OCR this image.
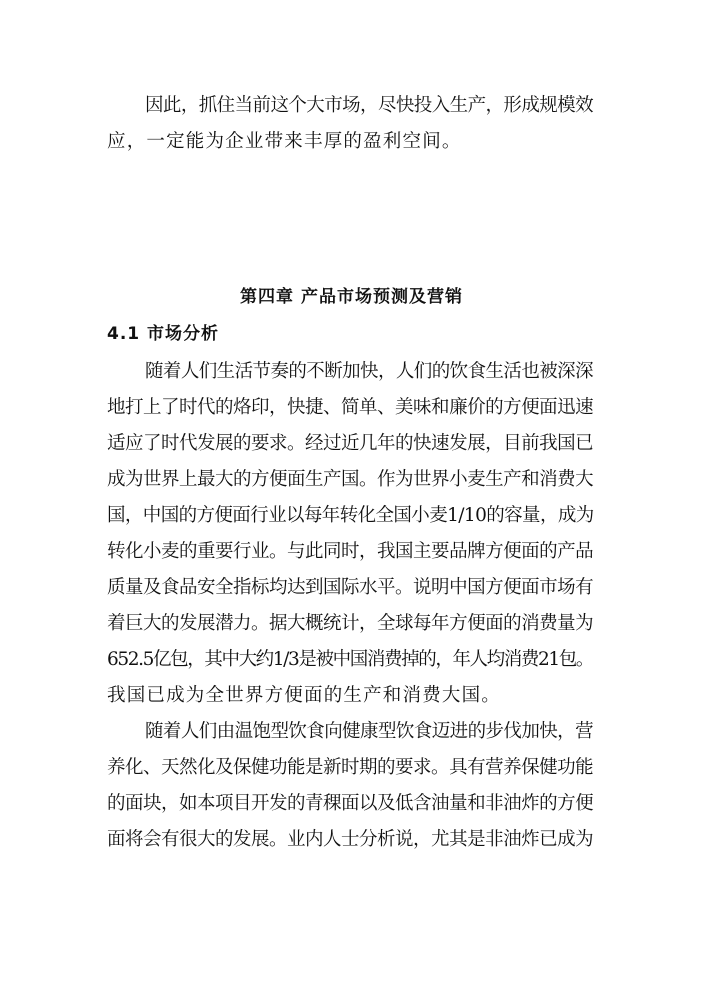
因此，抓住当前这个大市场，尽快投入生产，形成规模效
应，一定能为企业带来丰厚的盈利空间。
第四章 产品市场预测及营销
4.1 市场分析
随着人们生活节奏的不断加快，人们的饮食生活也被深深
地打上了时代的烙印，快捷、简单、美味和廉价的方便面迅速
适应了时代发展的要求。经过近几年的快速发展，目前我国已
成为世界上最大的方便面生产国。作为世界小麦生产和消费大
国，中国的方便面行业以每年转化全国小麦1/10的容量，成为
转化小麦的重要行业。与此同时，我国主要品牌方便面的产品
质量及食品安全指标均达到国际水平。说明中国方便面市场有
着巨大的发展潜力。据大概统计，全球每年方便面的消费量为
652.5亿包，其中大约1/3是被中国消费掉的，年人均消费21包。
我国已成为全世界方便面的生产和消费大国。
随着人们由温饱型饮食向健康型饮食迈进的步伐加快，营
养化、天然化及保健功能是新时期的要求。具有营养保健功能
的面块，如本项目开发的青稞面以及低含油量和非油炸的方便
面将会有很大的发展。业内人士分析说，尤其是非油炸已成为
